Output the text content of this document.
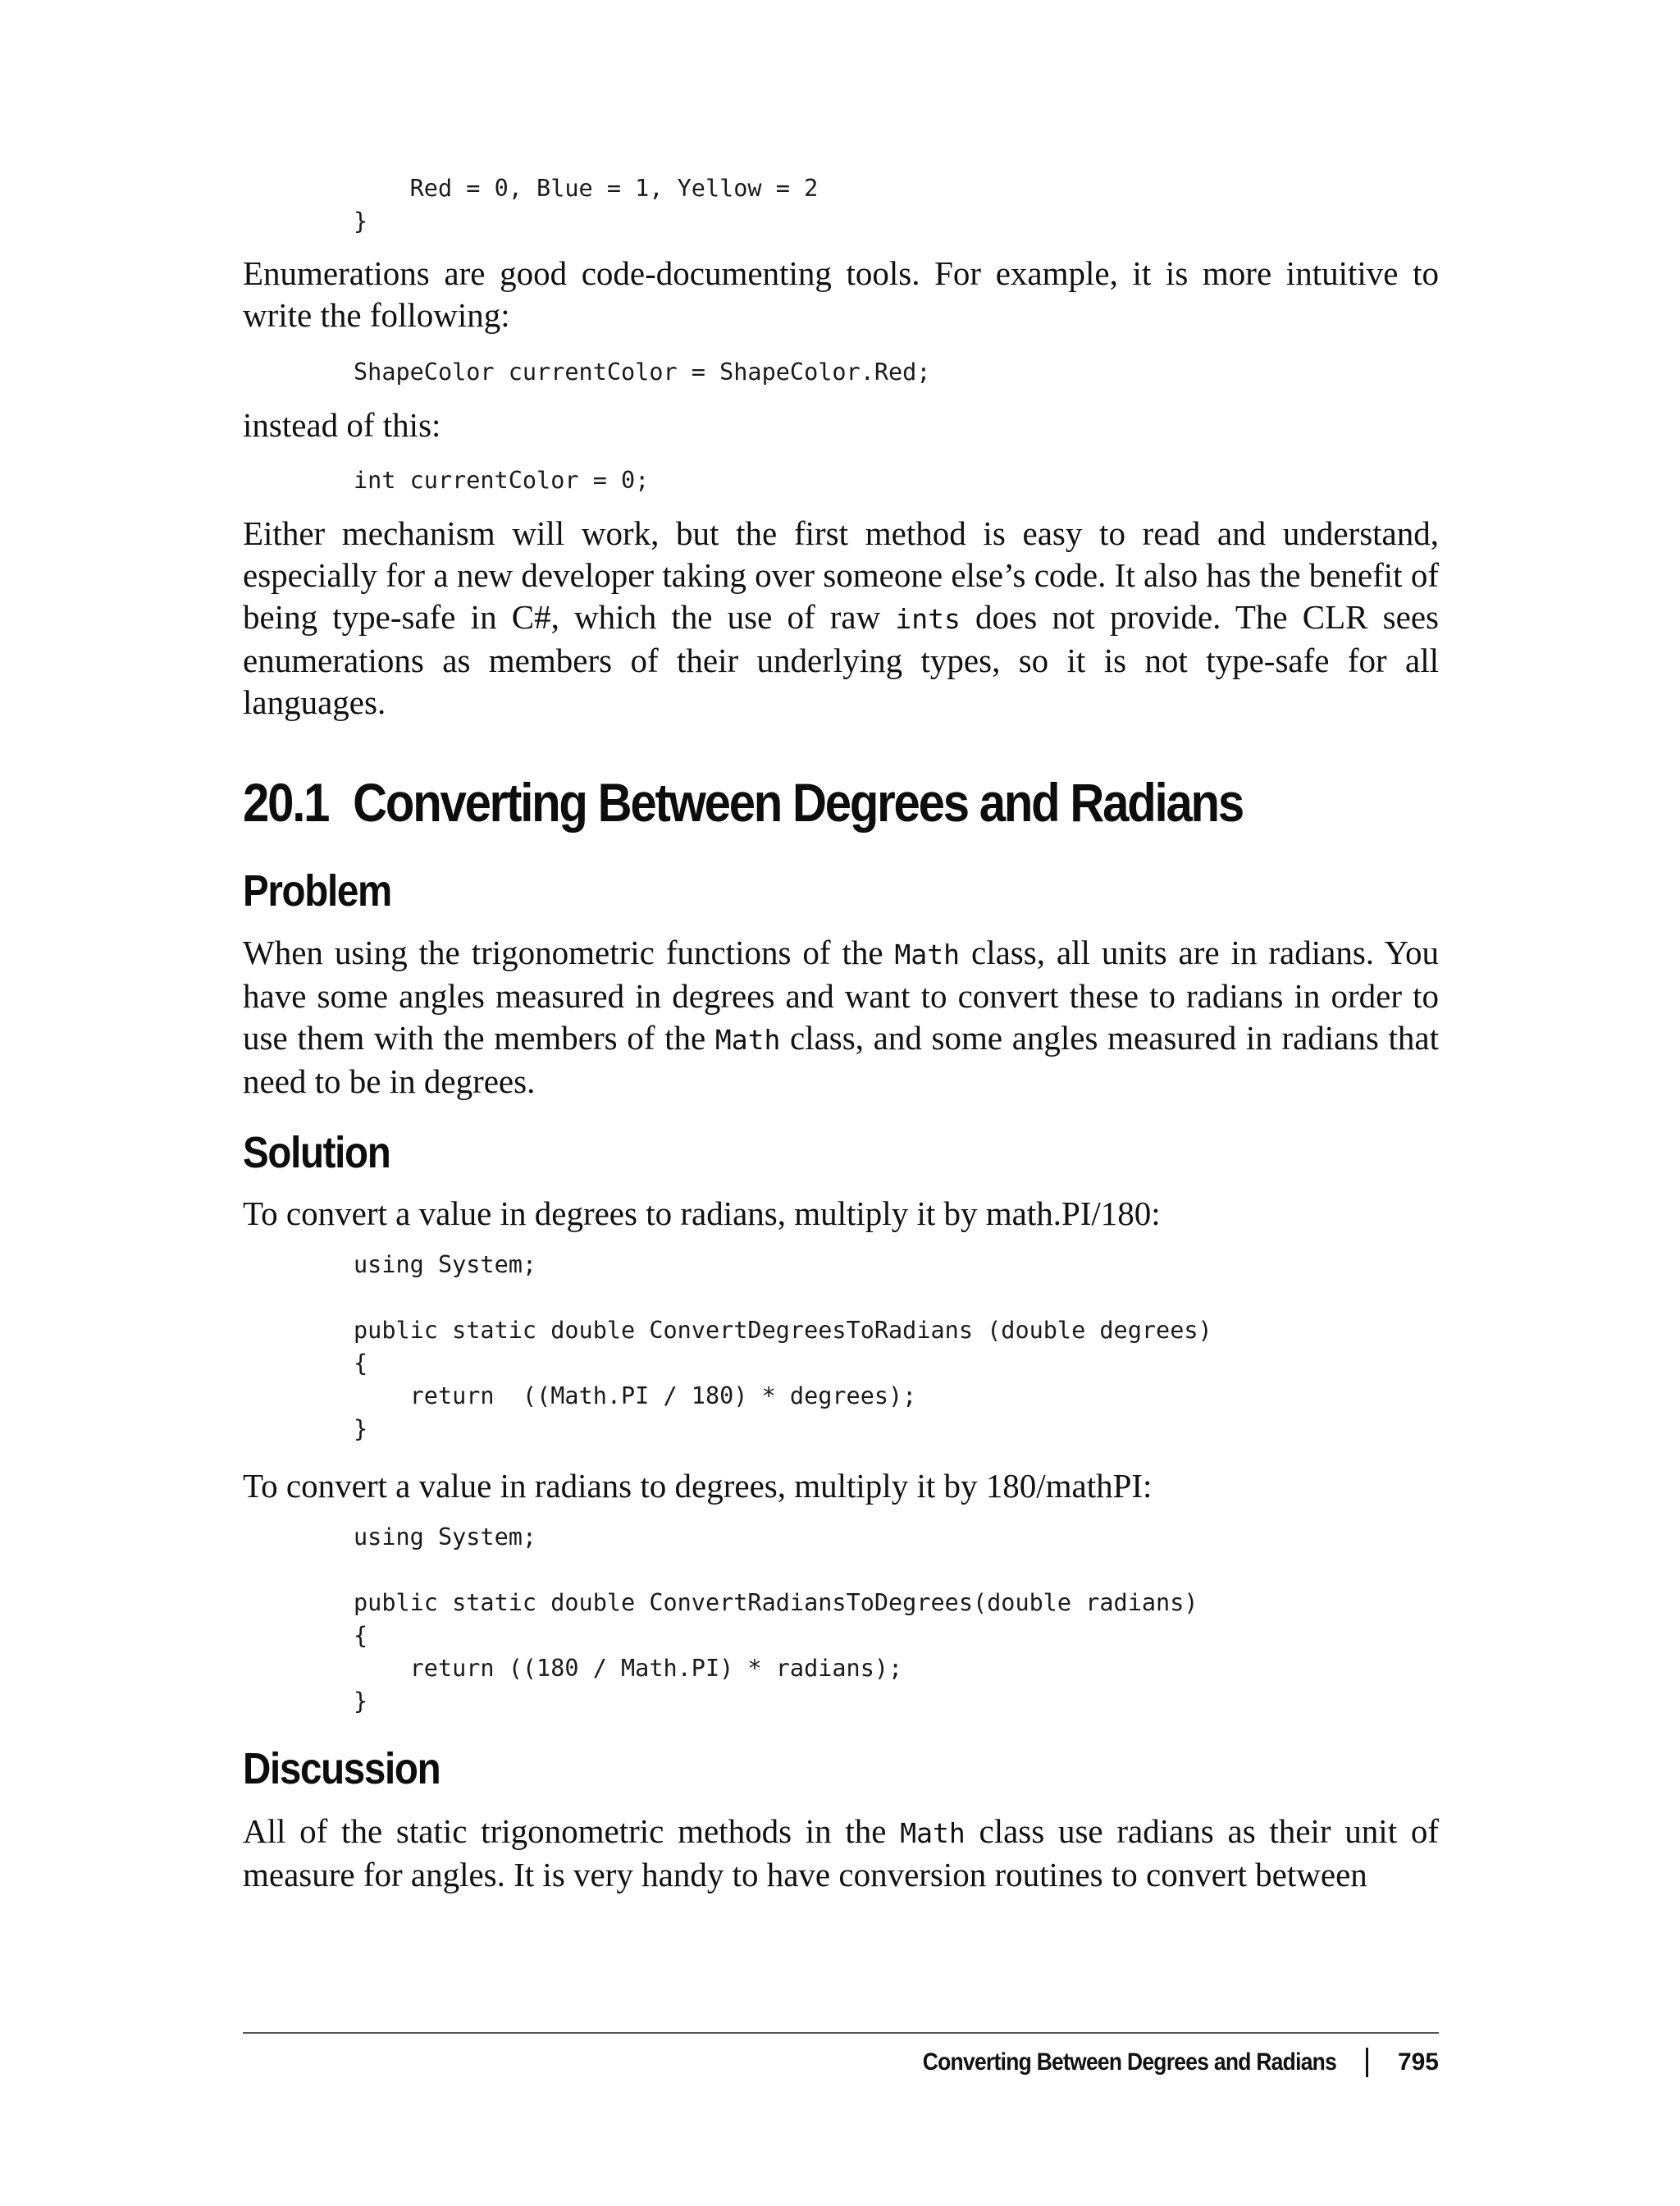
Red = 0, Blue = 1, Yellow = 2
}

Enumerations are good code-documenting tools. For example, it is more intuitive to write the following:

ShapeColor currentColor = ShapeColor.Red;

instead of this:

int currentColor = 0;

Either mechanism will work, but the first method is easy to read and understand, especially for a new developer taking over someone else’s code. It also has the benefit of being type-safe in C#, which the use of raw ints does not provide. The CLR sees enumerations as members of their underlying types, so it is not type-safe for all languages.

20.1 Converting Between Degrees and Radians
Problem

When using the trigonometric functions of the Math class, all units are in radians. You have some angles measured in degrees and want to convert these to radians in order to use them with the members of the Math class, and some angles measured in radians that need to be in degrees.

Solution

To convert a value in degrees to radians, multiply it by math.PI/180:

using System;

public static double ConvertDegreesToRadians (double degrees)
{
return  ((Math.PI / 180) * degrees);
}

To convert a value in radians to degrees, multiply it by 180/mathPI:

using System;

public static double ConvertRadiansToDegrees(double radians)
{
return ((180 / Math.PI) * radians);
}
Discussion

All of the static trigonometric methods in the Math class use radians as their unit of measure for angles. It is very handy to have conversion routines to convert between

Converting Between Degrees and Radians	795
